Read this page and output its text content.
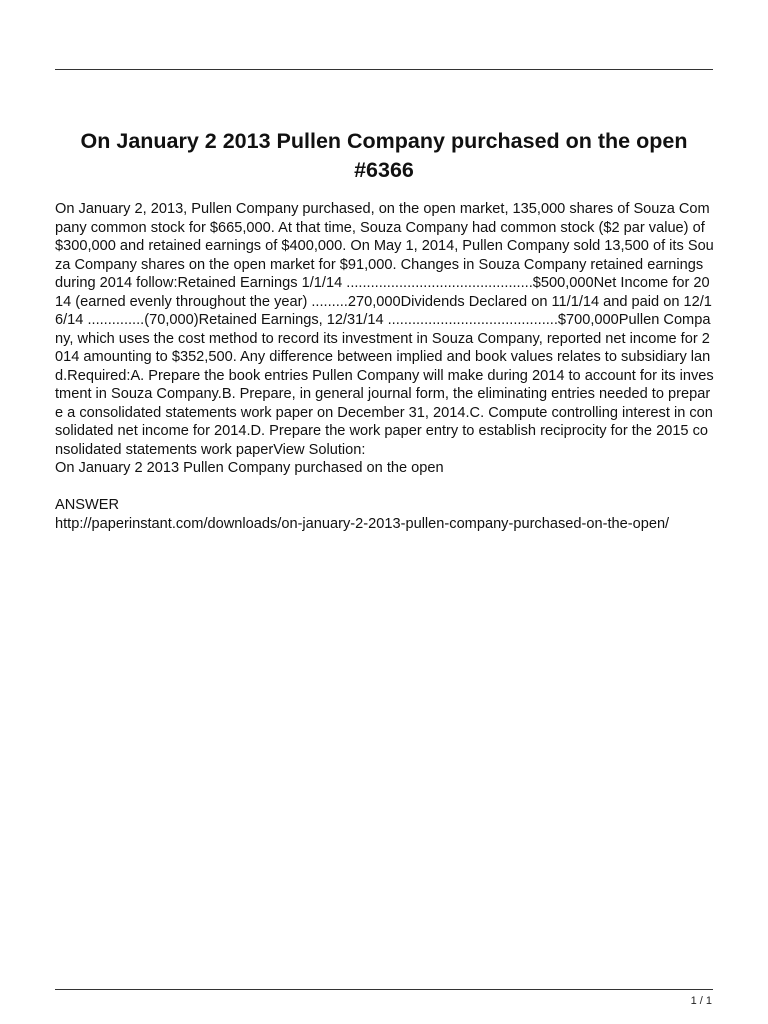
On January 2 2013 Pullen Company purchased on the open #6366

On January 2, 2013, Pullen Company purchased, on the open market, 135,000 shares of Souza Company common stock for $665,000. At that time, Souza Company had common stock ($2 par value) of $300,000 and retained earnings of $400,000. On May 1, 2014, Pullen Company sold 13,500 of its Souza Company shares on the open market for $91,000. Changes in Souza Company retained earnings during 2014 follow:Retained Earnings 1/1/14 ..............................................$500,000Net Income for 2014 (earned evenly throughout the year) .........270,000Dividends Declared on 11/1/14 and paid on 12/16/14 ..............(70,000)Retained Earnings, 12/31/14 ..........................................$700,000Pullen Company, which uses the cost method to record its investment in Souza Company, reported net income for 2014 amounting to $352,500. Any difference between implied and book values relates to subsidiary land.Required:A. Prepare the book entries Pullen Company will make during 2014 to account for its investment in Souza Company.B. Prepare, in general journal form, the eliminating entries needed to prepare a consolidated statements work paper on December 31, 2014.C. Compute controlling interest in consolidated net income for 2014.D. Prepare the work paper entry to establish reciprocity for the 2015 consolidated statements work paperView Solution:

On January 2 2013 Pullen Company purchased on the open

ANSWER

http://paperinstant.com/downloads/on-january-2-2013-pullen-company-purchased-on-the-open/

1 / 1
